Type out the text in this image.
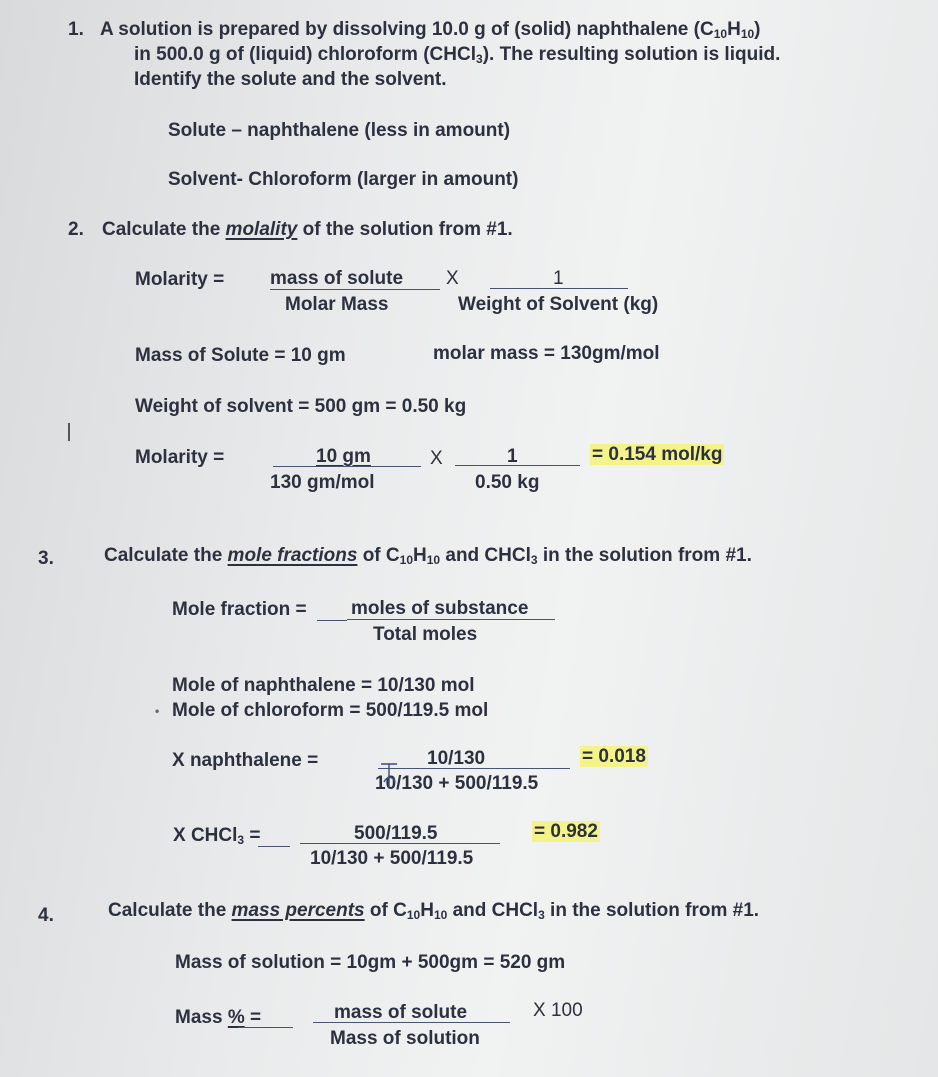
1. A solution is prepared by dissolving 10.0 g of (solid) naphthalene $(C_{10}H_{10})$
in 500.0 g of (liquid) chloroform (CHCl$_3$). The resulting solution is liquid.
Identify the solute and the solvent.
Solute – naphthalene (less in amount)
Solvent- Chloroform (larger in amount)
2. Calculate the molality of the solution from #1.
Molarity = mass of solute
Molar Mass
X	1
Weight of Solvent (kg)
Mass of Solute = 10 gm	molar mass = 130gm/mol
Weight of solvent = 500 gm = 0.50 kg
Molarity =	10 gm
130 gm/mol
X	1
0.50 kg
= 0.154 mol/kg
3.	Calculate the mole fractions of $C_{10}H_{10}$ and CHCl$_3$ in the solution from #1.
Mole fraction = moles of substance
Total moles
Mole of naphthalene = 10/130 mol
Mole of chloroform = 500/119.5 mol
•
X naphthalene =	10/130
10/130 + 500/119.5
= 0.018
X CHCl$_3$ =	500/119.5
10/130 + 500/119.5
= 0.982
4.	Calculate the mass percents of $C_{10}H_{10}$ and CHCl$_3$ in the solution from #1.
Mass of solution = 10gm + 500gm = 520 gm
Mass % =	mass of solute
Mass of solution
X 100
